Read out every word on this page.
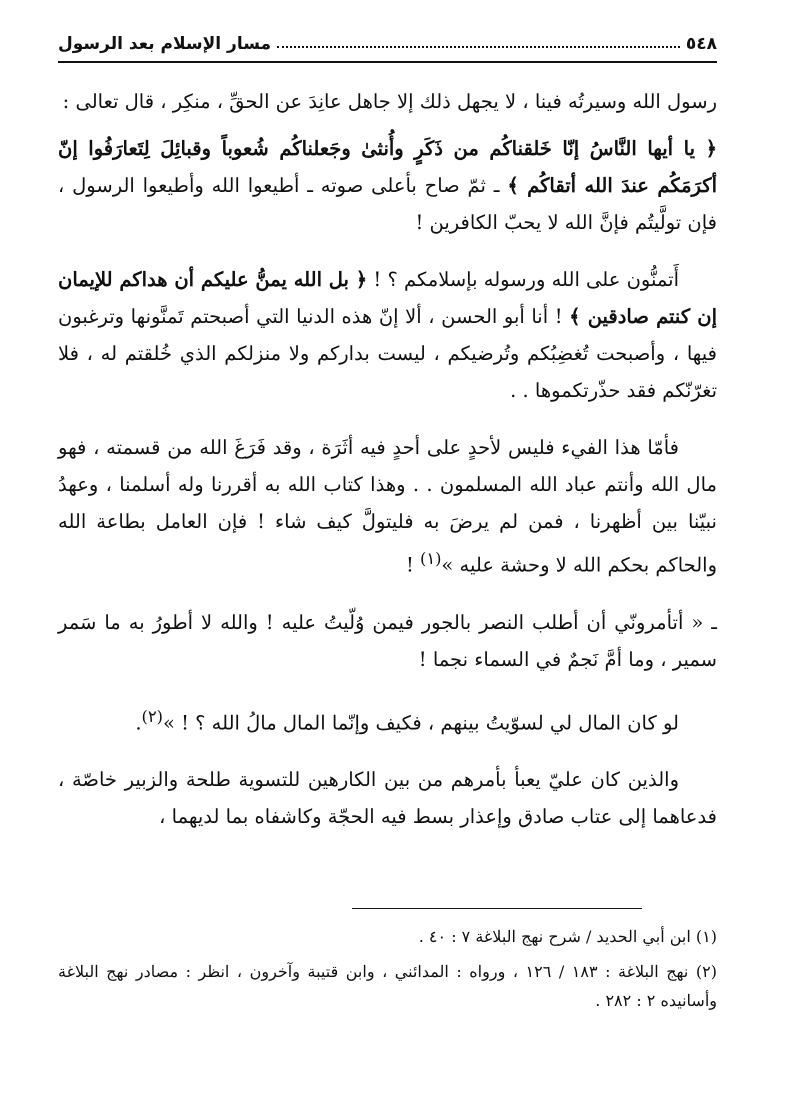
٥٤٨
مسار الإسلام بعد الرسول

رسول الله وسيرتُه فينا ، لا يجهل ذلك إلا جاهل عانِدَ عن الحقِّ ، منكِر ، قال تعالى :

﴿ يا أيها النَّاسُ إنّا خَلقناكُم من ذَكَرٍ وأُنثىٰ وجَعلناكُم شُعوباً وقبائِلَ لِتَعارَفُوا إنّ أكرَمَكُم عندَ الله أتقاكُم ﴾ ـ ثمّ صاح بأعلى صوته ـ أطيعوا الله وأطيعوا الرسول ، فإن تولَّيتُم فإنَّ الله لا يحبّ الكافرين !

أَتمنُّون على الله ورسوله بإسلامكم ؟ ! ﴿ بل الله يمنُّ عليكم أن هداكم للإيمان إن كنتم صادقين ﴾ ! أنا أبو الحسن ، ألا إنّ هذه الدنيا التي أصبحتم تَمنَّونها وترغبون فيها ، وأصبحت تُغضِبُكم وتُرضيكم ، ليست بداركم ولا منزلكم الذي خُلقتم له ، فلا تغرّنّكم فقد حذّرتكموها . .

فأمّا هذا الفيء فليس لأحدٍ على أحدٍ فيه أثَرَة ، وقد فَرَغَ الله من قسمته ، فهو مال الله وأنتم عباد الله المسلمون . . وهذا كتاب الله به أقررنا وله أسلمنا ، وعهدُ نبيّنا بين أظهرنا ، فمن لم يرضَ به فليتولَّ كيف شاء ! فإن العامل بطاعة الله والحاكم بحكم الله لا وحشة عليه »$^{(١)}$ !

ـ « أتأمرونّي أن أطلب النصر بالجور فيمن وُلّيتُ عليه ! والله لا أطورُ به ما سَمر سمير ، وما أمَّ نَجمٌ في السماء نجما !

لو كان المال لي لسوّيتُ بينهم ، فكيف وإنّما المال مالُ الله ؟ ! »$^{(٢)}$.

والذين كان عليّ يعبأ بأمرهم من بين الكارهين للتسوية طلحة والزبير خاصّة ، فدعاهما إلى عتاب صادق وإعذار بسط فيه الحجّة وكاشفاه بما لديهما ،

(١) ابن أبي الحديد / شرح نهج البلاغة ٧ : ٤٠ .

(٢) نهج البلاغة : ١٨٣ / ١٢٦ ، ورواه : المدائني ، وابن قتيبة وآخرون ، انظر : مصادر نهج البلاغة وأسانيده ٢ : ٢٨٢ .
